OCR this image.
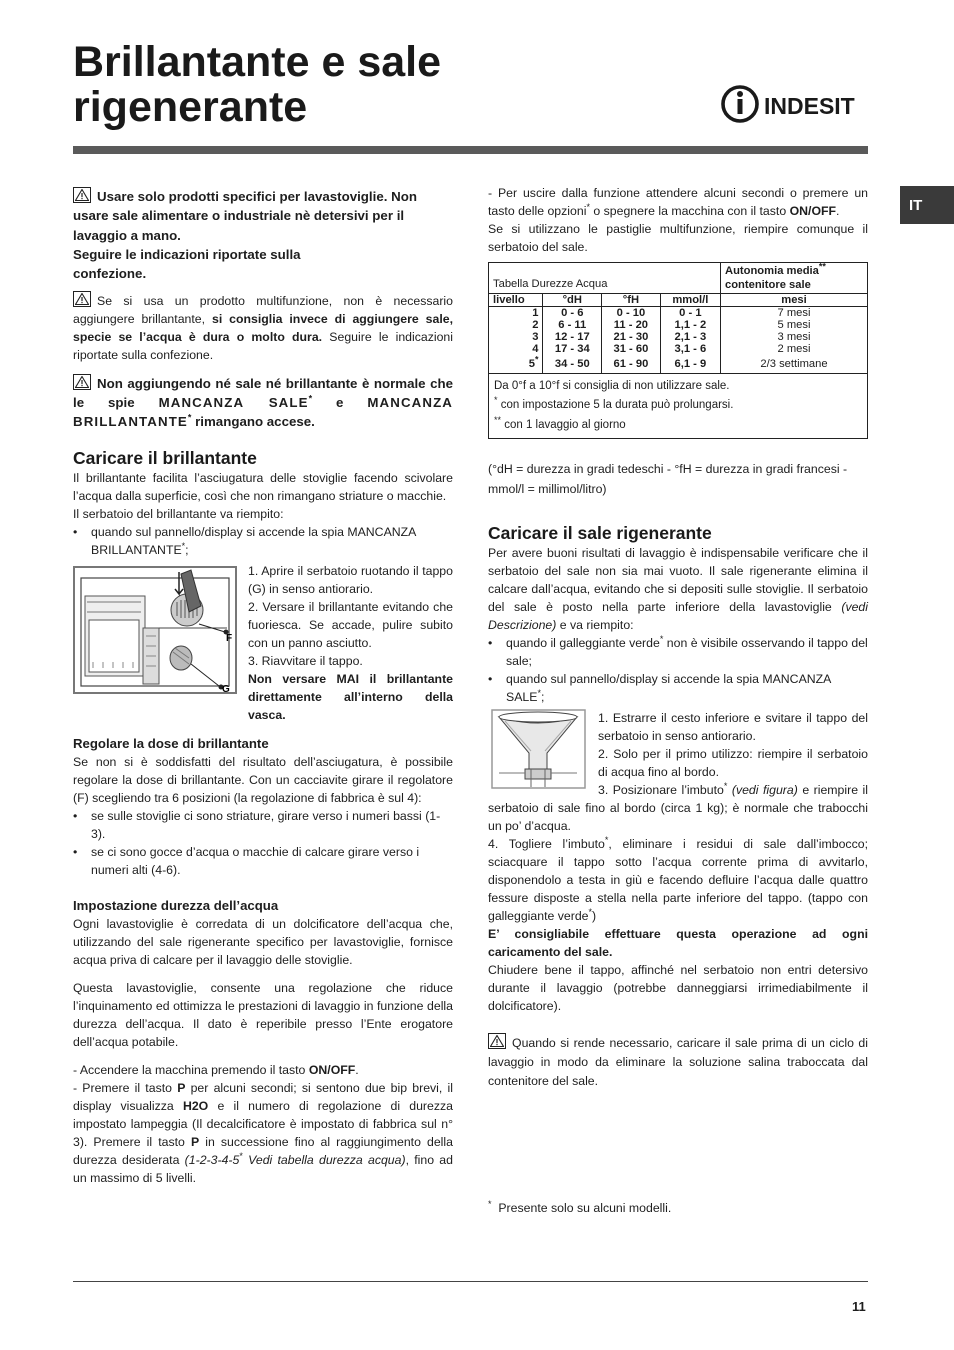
Brillantante e sale
rigenerante	INDESIT
IT

Usare solo prodotti specifici per lavastoviglie. Non usare sale alimentare o industriale nè detersivi per il lavaggio a mano.
Seguire le indicazioni riportate sulla confezione.

Se si usa un prodotto multifunzione, non è necessario aggiungere brillantante, si consiglia invece di aggiungere sale, specie se l’acqua è dura o molto dura. Seguire le indicazioni riportate sulla confezione.

Non aggiungendo né sale né brillantante è normale che le spie MANCANZA SALE* e MANCANZA BRILLANTANTE* rimangano accese.

Caricare il brillantante

Il brillantante facilita l’asciugatura delle stoviglie facendo scivolare l’acqua dalla superficie, così che non rimangano striature o macchie.

Il serbatoio del brillantante va riempito:

• quando sul pannello/display si accende la spia MANCANZA BRILLANTANTE*;
F
G

1. Aprire il serbatoio ruotando il tappo (G) in senso antiorario.

2. Versare il brillantante evitando che fuoriesca. Se accade, pulire subito con un panno asciutto.

3. Riavvitare il tappo.

Non versare MAI il brillantante direttamente all’interno della vasca.

Regolare la dose di brillantante

Se non si è soddisfatti del risultato dell’asciugatura, è possibile regolare la dose di brillantante. Con un cacciavite girare il regolatore (F) scegliendo tra 6 posizioni (la regolazione di fabbrica è sul 4):

• se sulle stoviglie ci sono striature, girare verso i numeri bassi (1-3).
• se ci sono gocce d’acqua o macchie di calcare girare verso i numeri alti (4-6).
Impostazione durezza dell’acqua

Ogni lavastoviglie è corredata di un dolcificatore dell’acqua che, utilizzando del sale rigenerante specifico per lavastoviglie, fornisce acqua priva di calcare per il lavaggio delle stoviglie.

Questa lavastoviglie, consente una regolazione che riduce l’inquinamento ed ottimizza le prestazioni di lavaggio in funzione della durezza dell’acqua. Il dato è reperibile presso l’Ente erogatore dell’acqua potabile.

- Accendere la macchina premendo il tasto ON/OFF.

- Premere il tasto P per alcuni secondi; si sentono due bip brevi, il display visualizza H2O e il numero di regolazione di durezza impostato lampeggia (Il decalcificatore è impostato di fabbrica sul n° 3). Premere il tasto P in successione fino al raggiungimento della durezza desiderata (1-2-3-4-5* Vedi tabella durezza acqua), fino ad un massimo di 5 livelli.

- Per uscire dalla funzione attendere alcuni secondi o premere un tasto delle opzioni* o spegnere la macchina con il tasto ON/OFF.

Se si utilizzano le pastiglie multifunzione, riempire comunque il serbatoio del sale.

Tabella Durezze Acqua				Autonomia media**
contenitore sale
livello	°dH	°fH	mmol/l	mesi
1	0 - 6	0 - 10	0 - 1	7 mesi
2	6 - 11	11 - 20	1,1 - 2	5 mesi
3	12 - 17	21 - 30	2,1 - 3	3 mesi
4	17 - 34	31 - 60	3,1 - 6	2 mesi
5*	34 - 50	61 - 90	6,1 - 9	2/3 settimane

Da 0°f a 10°f si consiglia di non utilizzare sale.
* con impostazione 5 la durata può prolungarsi.
** con 1 lavaggio al giorno				

(°dH = durezza in gradi tedeschi - °fH = durezza in gradi francesi - mmol/l = millimol/litro)

Caricare il sale rigenerante

Per avere buoni risultati di lavaggio è indispensabile verificare che il serbatoio del sale non sia mai vuoto. Il sale rigenerante elimina il calcare dall’acqua, evitando che si depositi sulle stoviglie. Il serbatoio del sale è posto nella parte inferiore della lavastoviglie (vedi Descrizione) e va riempito:

• quando il galleggiante verde* non è visibile osservando il tappo del sale;
• quando sul pannello/display si accende la spia MANCANZA SALE*;

1. Estrarre il cesto inferiore e svitare il tappo del serbatoio in senso antiorario.

2. Solo per il primo utilizzo: riempire il serbatoio di acqua fino al bordo.

3. Posizionare l’imbuto* (vedi figura) e riempire il serbatoio di sale fino al bordo (circa 1 kg); è normale che trabocchi un po’ d’acqua.

4. Togliere l’imbuto*, eliminare i residui di sale dall’imbocco; sciacquare il tappo sotto l’acqua corrente prima di avvitarlo, disponendolo a testa in giù e facendo defluire l’acqua dalle quattro fessure disposte a stella nella parte inferiore del tappo. (tappo con galleggiante verde*)

E’ consigliabile effettuare questa operazione ad ogni caricamento del sale.

Chiudere bene il tappo, affinché nel serbatoio non entri detersivo durante il lavaggio (potrebbe danneggiarsi irrimediabilmente il dolcificatore).

Quando si rende necessario, caricare il sale prima di un ciclo di lavaggio in modo da eliminare la soluzione salina traboccata dal contenitore del sale.

* Presente solo su alcuni modelli.

11
